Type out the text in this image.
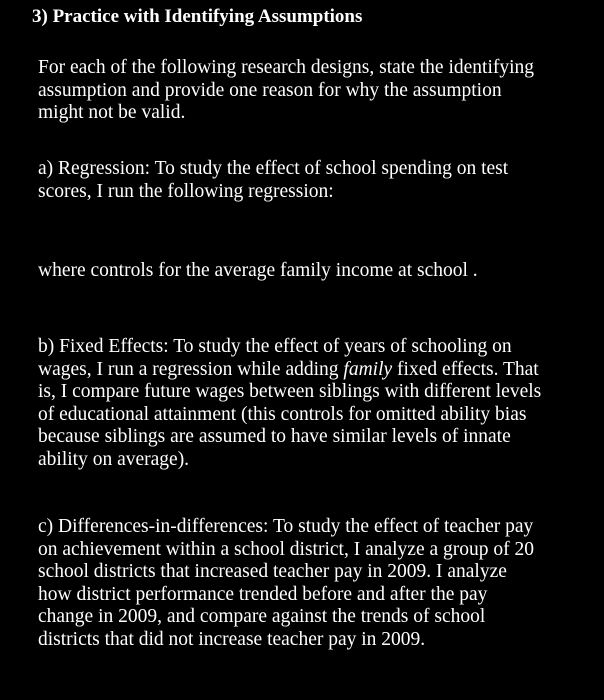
3) Practice with Identifying Assumptions

For each of the following research designs, state the identifying
assumption and provide one reason for why the assumption
might not be valid.

a) Regression: To study the effect of school spending on test
scores, I run the following regression:

where controls for the average family income at school .

b) Fixed Effects: To study the effect of years of schooling on
wages, I run a regression while adding family fixed effects. That
is, I compare future wages between siblings with different levels
of educational attainment (this controls for omitted ability bias
because siblings are assumed to have similar levels of innate
ability on average).

c) Differences-in-differences: To study the effect of teacher pay
on achievement within a school district, I analyze a group of 20
school districts that increased teacher pay in 2009. I analyze
how district performance trended before and after the pay
change in 2009, and compare against the trends of school
districts that did not increase teacher pay in 2009.
